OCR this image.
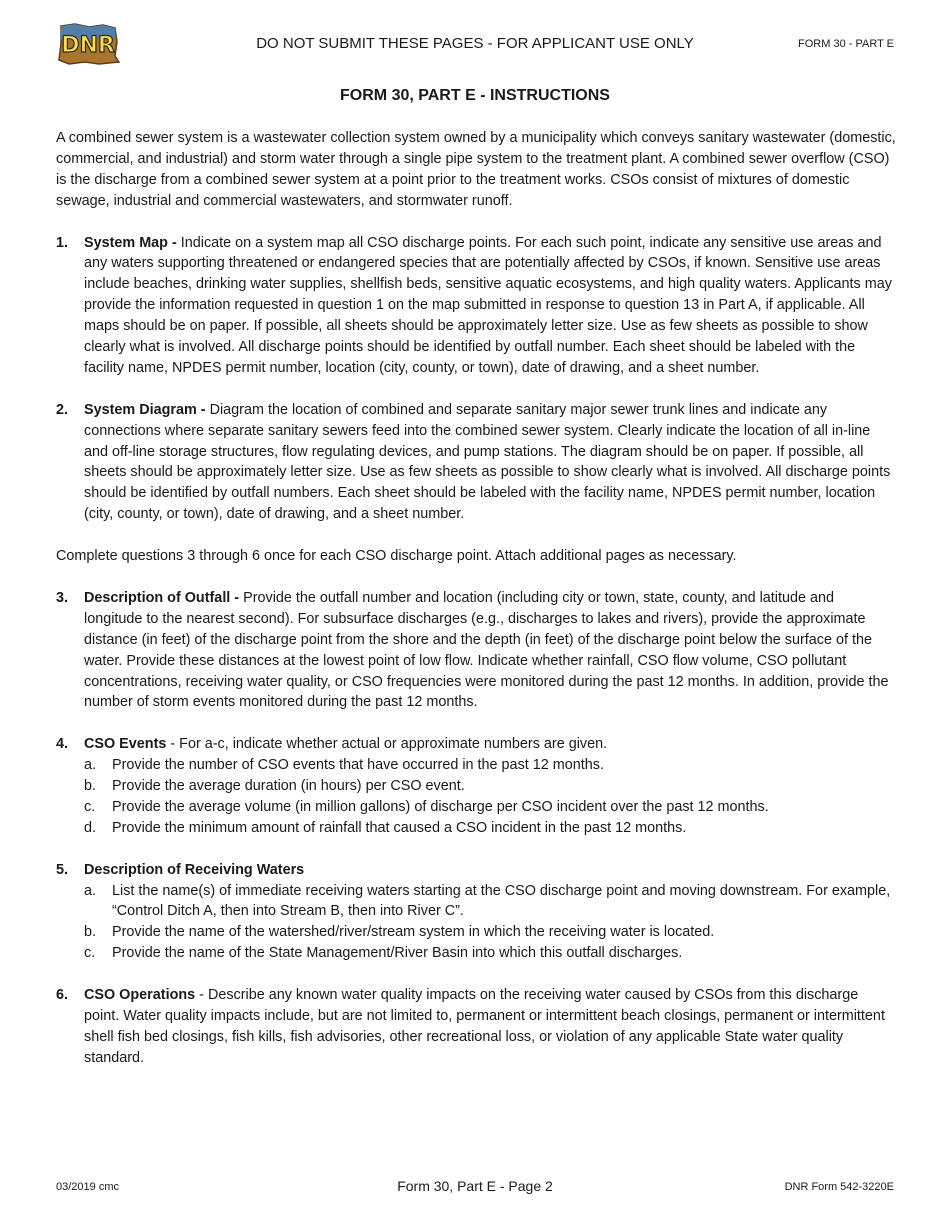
DNR	DO NOT SUBMIT THESE PAGES - FOR APPLICANT USE ONLY	FORM 30 - PART E
FORM 30, PART E - INSTRUCTIONS

A combined sewer system is a wastewater collection system owned by a municipality which conveys sanitary wastewater (domestic, commercial, and industrial) and storm water through a single pipe system to the treatment plant. A combined sewer overflow (CSO) is the discharge from a combined sewer system at a point prior to the treatment works. CSOs consist of mixtures of domestic sewage, industrial and commercial wastewaters, and stormwater runoff.

1. System Map - Indicate on a system map all CSO discharge points. For each such point, indicate any sensitive use areas and any waters supporting threatened or endangered species that are potentially affected by CSOs, if known. Sensitive use areas include beaches, drinking water supplies, shellfish beds, sensitive aquatic ecosystems, and high quality waters. Applicants may provide the information requested in question 1 on the map submitted in response to question 13 in Part A, if applicable. All maps should be on paper. If possible, all sheets should be approximately letter size. Use as few sheets as possible to show clearly what is involved. All discharge points should be identified by outfall number. Each sheet should be labeled with the facility name, NPDES permit number, location (city, county, or town), date of drawing, and a sheet number.
2. System Diagram - Diagram the location of combined and separate sanitary major sewer trunk lines and indicate any connections where separate sanitary sewers feed into the combined sewer system. Clearly indicate the location of all in-line and off-line storage structures, flow regulating devices, and pump stations. The diagram should be on paper. If possible, all sheets should be approximately letter size. Use as few sheets as possible to show clearly what is involved. All discharge points should be identified by outfall numbers. Each sheet should be labeled with the facility name, NPDES permit number, location (city, county, or town), date of drawing, and a sheet number.

Complete questions 3 through 6 once for each CSO discharge point. Attach additional pages as necessary.

3. Description of Outfall - Provide the outfall number and location (including city or town, state, county, and latitude and longitude to the nearest second). For subsurface discharges (e.g., discharges to lakes and rivers), provide the approximate distance (in feet) of the discharge point from the shore and the depth (in feet) of the discharge point below the surface of the water. Provide these distances at the lowest point of low flow. Indicate whether rainfall, CSO flow volume, CSO pollutant concentrations, receiving water quality, or CSO frequencies were monitored during the past 12 months. In addition, provide the number of storm events monitored during the past 12 months.
4. CSO Events - For a-c, indicate whether actual or approximate numbers are given.
a. Provide the number of CSO events that have occurred in the past 12 months.
b. Provide the average duration (in hours) per CSO event.
c. Provide the average volume (in million gallons) of discharge per CSO incident over the past 12 months.
d. Provide the minimum amount of rainfall that caused a CSO incident in the past 12 months.
5. Description of Receiving Waters
a. List the name(s) of immediate receiving waters starting at the CSO discharge point and moving downstream. For example, “Control Ditch A, then into Stream B, then into River C”.
b. Provide the name of the watershed/river/stream system in which the receiving water is located.
c. Provide the name of the State Management/River Basin into which this outfall discharges.
6. CSO Operations - Describe any known water quality impacts on the receiving water caused by CSOs from this discharge point. Water quality impacts include, but are not limited to, permanent or intermittent beach closings, permanent or intermittent shell fish bed closings, fish kills, fish advisories, other recreational loss, or violation of any applicable State water quality standard.
03/2019 cmc	Form 30, Part E - Page 2	DNR Form 542-3220E
